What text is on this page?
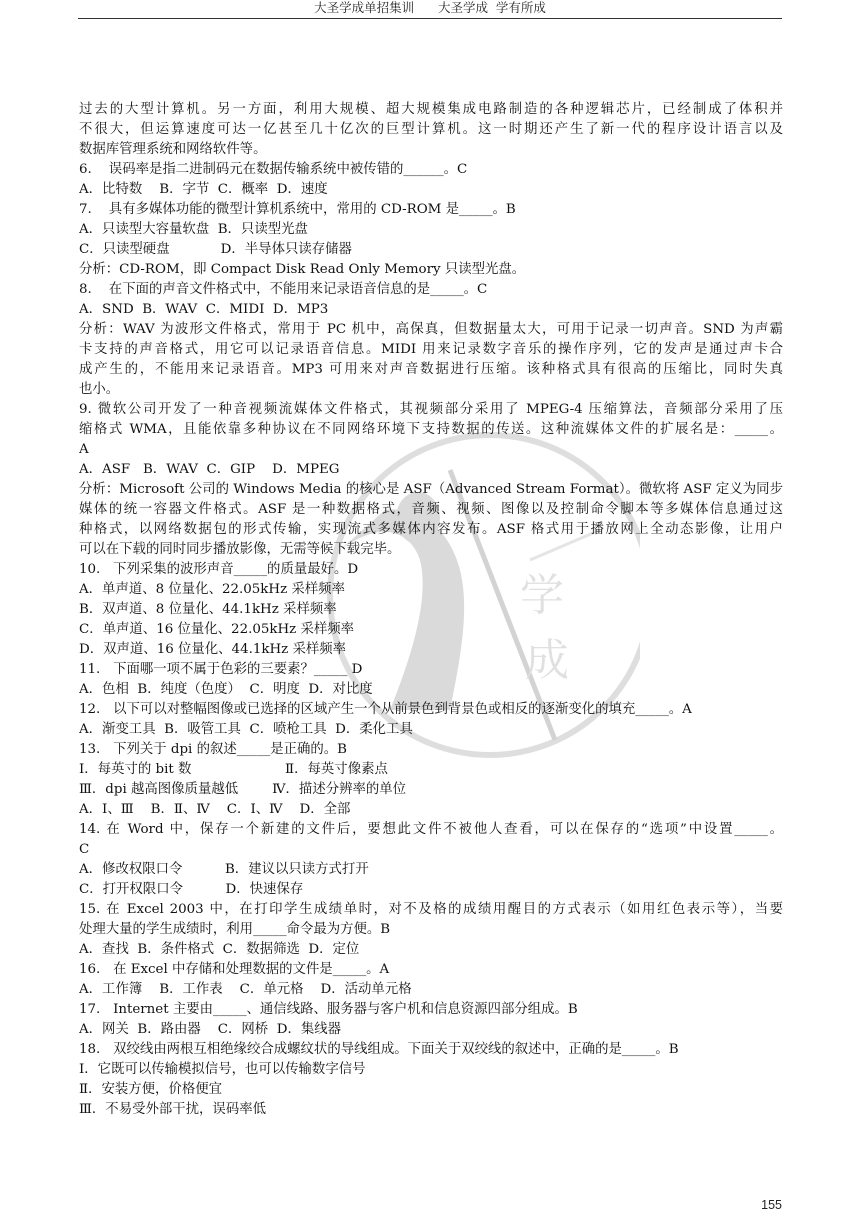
大圣学成单招集训 大圣学成  学有所成
学
成
过去的大型计算机。另一方面，利用大规模、超大规模集成电路制造的各种逻辑芯片，已经制成了体积并
不很大，但运算速度可达一亿甚至几十亿次的巨型计算机。这一时期还产生了新一代的程序设计语言以及
数据库管理系统和网络软件等。
6.    误码率是指二进制码元在数据传输系统中被传错的______。C
A．比特数    B．字节  C．概率  D．速度
7.    具有多媒体功能的微型计算机系统中，常用的 CD-ROM 是_____。B
A．只读型大容量软盘  B．只读型光盘
C．只读型硬盘            D．半导体只读存储器
分析：CD-ROM，即 Compact Disk Read Only Memory 只读型光盘。
8.    在下面的声音文件格式中，不能用来记录语音信息的是_____。C
A．SND  B．WAV  C．MIDI  D．MP3
分析：WAV 为波形文件格式，常用于 PC 机中，高保真，但数据量太大，可用于记录一切声音。SND 为声霸
卡支持的声音格式，用它可以记录语音信息。MIDI 用来记录数字音乐的操作序列，它的发声是通过声卡合
成产生的，不能用来记录语音。MP3 可用来对声音数据进行压缩。该种格式具有很高的压缩比，同时失真
也小。
9. 微软公司开发了一种音视频流媒体文件格式，其视频部分采用了 MPEG-4 压缩算法，音频部分采用了压
缩格式 WMA，且能依靠多种协议在不同网络环境下支持数据的传送。这种流媒体文件的扩展名是：_____。
A
A．ASF   B．WAV  C．GIP    D．MPEG
分析：Microsoft 公司的 Windows Media 的核心是 ASF（Advanced Stream Format）。微软将 ASF 定义为同步
媒体的统一容器文件格式。ASF 是一种数据格式，音频、视频、图像以及控制命令脚本等多媒体信息通过这
种格式，以网络数据包的形式传输，实现流式多媒体内容发布。ASF 格式用于播放网上全动态影像，让用户
可以在下载的同时同步播放影像，无需等候下载完毕。
10.   下列采集的波形声音_____的质量最好。D
A．单声道、8 位量化、22.05kHz 采样频率
B．双声道、8 位量化、44.1kHz 采样频率
C．单声道、16 位量化、22.05kHz 采样频率
D．双声道、16 位量化、44.1kHz 采样频率
11.   下面哪一项不属于色彩的三要素？_____ D
A．色相  B．纯度（色度）  C．明度  D．对比度
12.   以下可以对整幅图像或已选择的区域产生一个从前景色到背景色或相反的逐渐变化的填充_____。A
A．渐变工具  B．吸管工具  C．喷枪工具  D．柔化工具
13.   下列关于 dpi 的叙述_____是正确的。B
Ⅰ．每英寸的 bit 数                      Ⅱ．每英寸像素点
Ⅲ．dpi 越高图像质量越低        Ⅳ．描述分辨率的单位
A．Ⅰ、Ⅲ    B．Ⅱ、Ⅳ    C．Ⅰ、Ⅳ    D．全部
14. 在 Word 中，保存一个新建的文件后，要想此文件不被他人查看，可以在保存的“选项”中设置_____。
C
A．修改权限口令          B．建议以只读方式打开
C．打开权限口令          D．快速保存
15. 在 Excel 2003 中，在打印学生成绩单时，对不及格的成绩用醒目的方式表示（如用红色表示等），当要
处理大量的学生成绩时，利用_____命令最为方便。B
A．查找  B．条件格式  C．数据筛选  D．定位
16.   在 Excel 中存储和处理数据的文件是_____。A
A．工作簿    B．工作表    C．单元格    D．活动单元格
17.   Internet 主要由_____、通信线路、服务器与客户机和信息资源四部分组成。B
A．网关  B．路由器    C．网桥  D．集线器
18.   双绞线由两根互相绝缘绞合成螺纹状的导线组成。下面关于双绞线的叙述中，正确的是_____。B
Ⅰ．它既可以传输模拟信号，也可以传输数字信号
Ⅱ．安装方便，价格便宜
Ⅲ．不易受外部干扰，误码率低
155
